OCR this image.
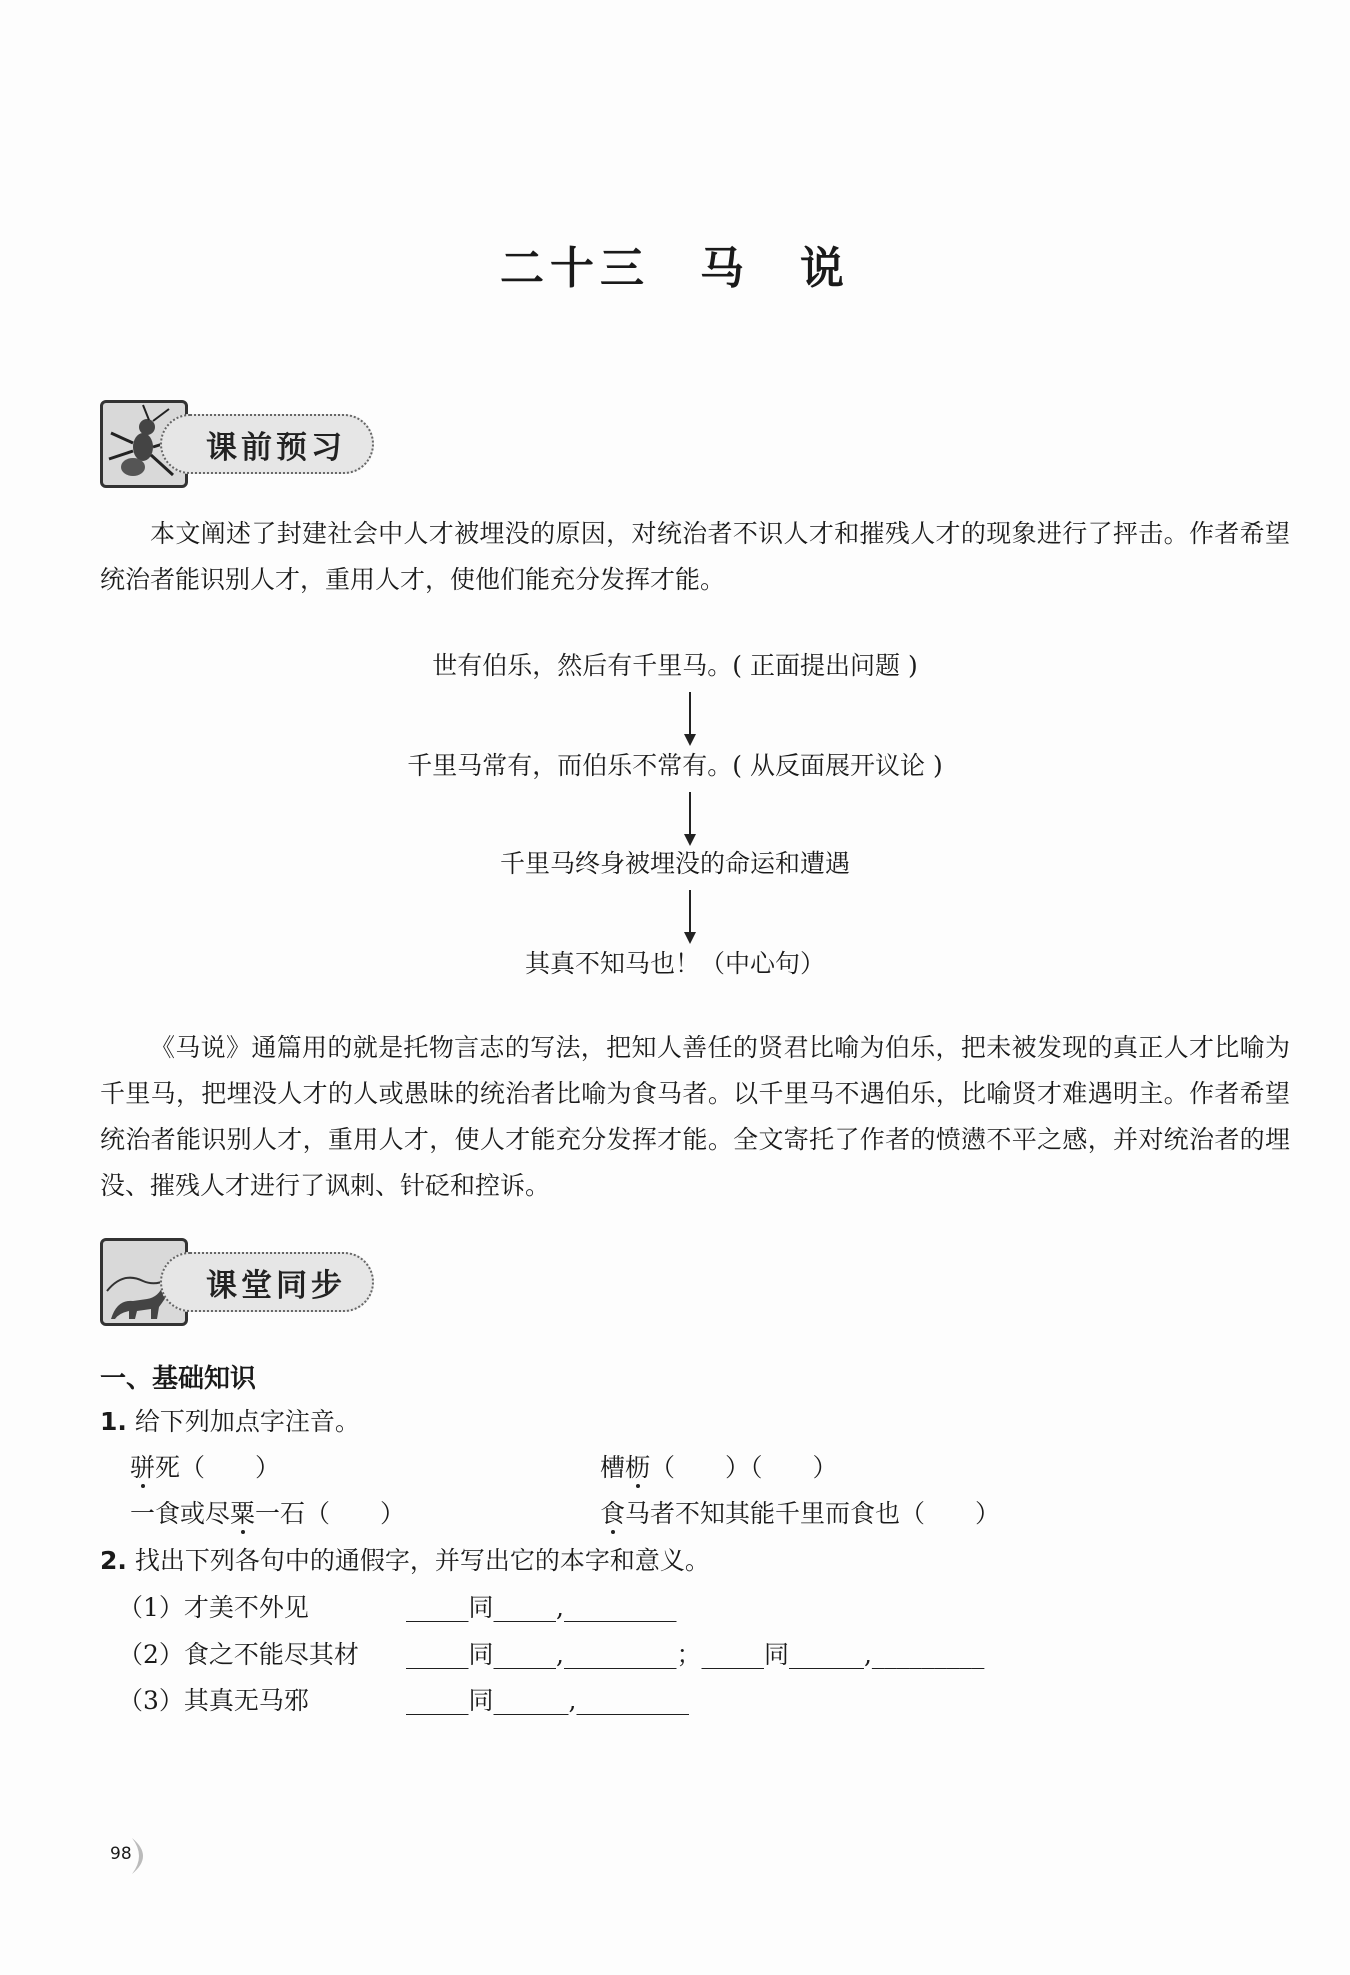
二十三　马　说
课前预习
本文阐述了封建社会中人才被埋没的原因，对统治者不识人才和摧残人才的现象进行了抨击。作者希望统治者能识别人才，重用人才，使他们能充分发挥才能。
世有伯乐，然后有千里马。( 正面提出问题 )
千里马常有，而伯乐不常有。( 从反面展开议论 )
千里马终身被埋没的命运和遭遇
其真不知马也！（中心句）
《马说》通篇用的就是托物言志的写法，把知人善任的贤君比喻为伯乐，把未被发现的真正人才比喻为千里马，把埋没人才的人或愚昧的统治者比喻为食马者。以千里马不遇伯乐，比喻贤才难遇明主。作者希望统治者能识别人才，重用人才，使人才能充分发挥才能。全文寄托了作者的愤懑不平之感，并对统治者的埋没、摧残人才进行了讽刺、针砭和控诉。
课堂同步
一、基础知识
1. 给下列加点字注音。
骈死（　　）	槽枥（　　）（　　）
一食或尽粟一石（　　）	食马者不知其能千里而食也（　　）
2. 找出下列各句中的通假字，并写出它的本字和意义。
（1）才美不外见	_____同_____,_________
（2）食之不能尽其材 _____同_____,_________；_____同______,_________
（3）其真无马邪	_____同______,_________
98
